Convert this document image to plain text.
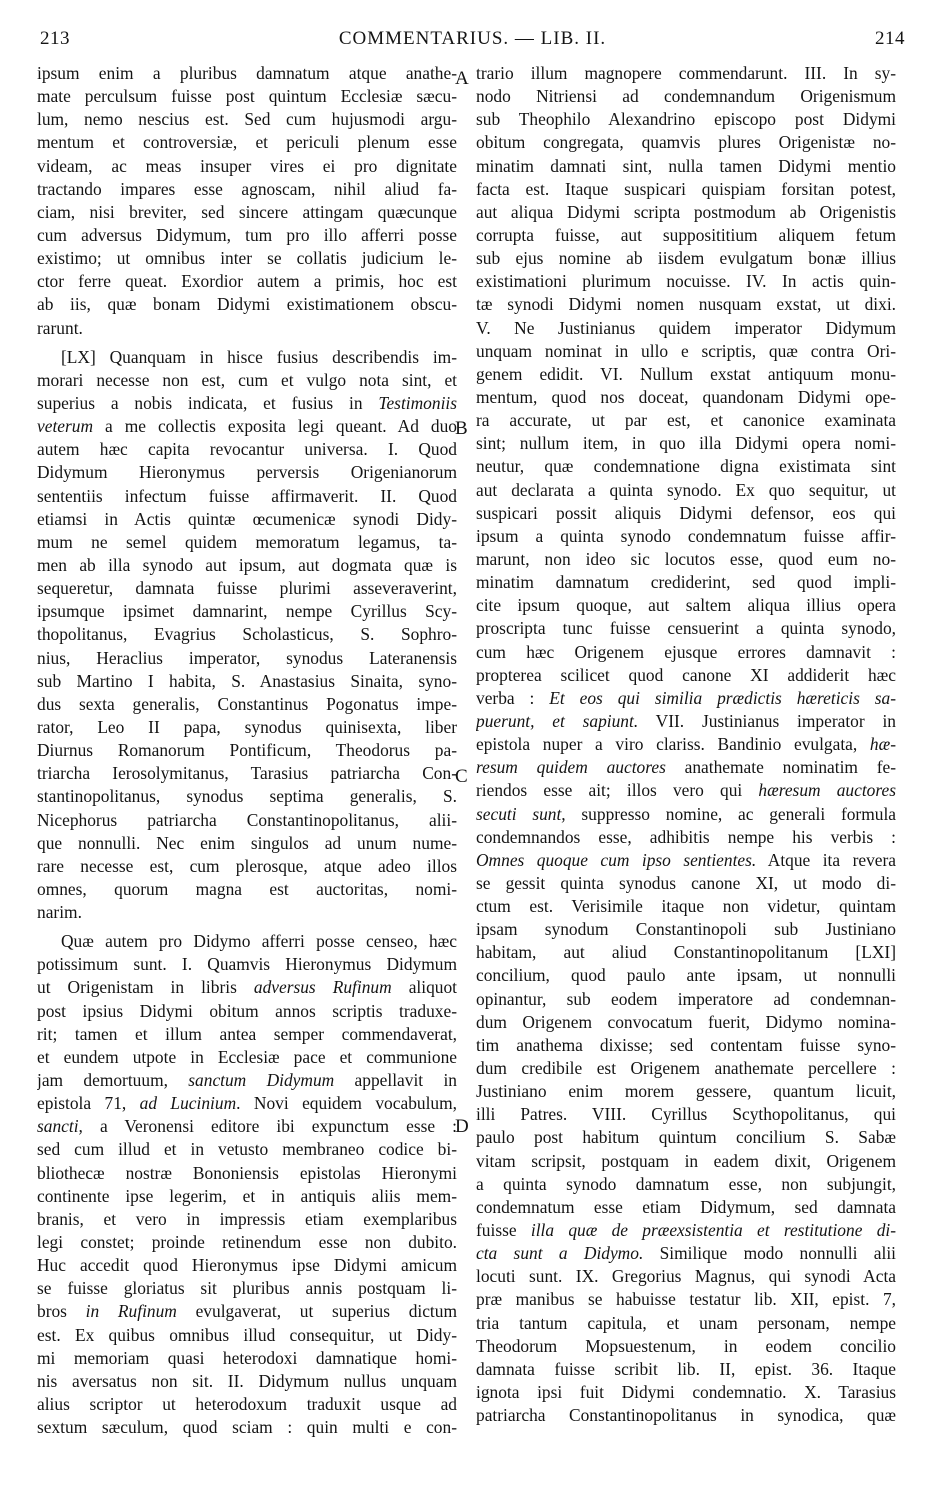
213	COMMENTARIUS. — LIB. II.	214
A
B
C
D
ipsum enim a pluribus damnatum atque anathe-
mate perculsum fuisse post quintum Ecclesiæ sæcu-
lum, nemo nescius est. Sed cum hujusmodi argu-
mentum et controversiæ, et periculi plenum esse
videam, ac meas insuper vires ei pro dignitate
tractando impares esse agnoscam, nihil aliud fa-
ciam, nisi breviter, sed sincere attingam quæcunque
cum adversus Didymum, tum pro illo afferri posse
existimo; ut omnibus inter se collatis judicium le-
ctor ferre queat. Exordior autem a primis, hoc est
ab iis, quæ bonam Didymi existimationem obscu-
rarunt.
[LX] Quanquam in hisce fusius describendis im-
morari necesse non est, cum et vulgo nota sint, et
superius a nobis indicata, et fusius in Testimoniis
veterum a me collectis exposita legi queant. Ad duo
autem hæc capita revocantur universa. I. Quod
Didymum Hieronymus perversis Origenianorum
sententiis infectum fuisse affirmaverit. II. Quod
etiamsi in Actis quintæ œcumenicæ synodi Didy-
mum ne semel quidem memoratum legamus, ta-
men ab illa synodo aut ipsum, aut dogmata quæ is
sequeretur, damnata fuisse plurimi asseveraverint,
ipsumque ipsimet damnarint, nempe Cyrillus Scy-
thopolitanus, Evagrius Scholasticus, S. Sophro-
nius, Heraclius imperator, synodus Lateranensis
sub Martino I habita, S. Anastasius Sinaita, syno-
dus sexta generalis, Constantinus Pogonatus impe-
rator, Leo II papa, synodus quinisexta, liber
Diurnus Romanorum Pontificum, Theodorus pa-
triarcha Ierosolymitanus, Tarasius patriarcha Con-
stantinopolitanus, synodus septima generalis, S.
Nicephorus patriarcha Constantinopolitanus, alii-
que nonnulli. Nec enim singulos ad unum nume-
rare necesse est, cum plerosque, atque adeo illos
omnes, quorum magna est auctoritas, nomi-
narim.
Quæ autem pro Didymo afferri posse censeo, hæc
potissimum sunt. I. Quamvis Hieronymus Didymum
ut Origenistam in libris adversus Rufinum aliquot
post ipsius Didymi obitum annos scriptis traduxe-
rit; tamen et illum antea semper commendaverat,
et eundem utpote in Ecclesiæ pace et communione
jam demortuum, sanctum Didymum appellavit in
epistola 71, ad Lucinium. Novi equidem vocabulum,
sancti, a Veronensi editore ibi expunctum esse :
sed cum illud et in vetusto membraneo codice bi-
bliothecæ nostræ Bononiensis epistolas Hieronymi
continente ipse legerim, et in antiquis aliis mem-
branis, et vero in impressis etiam exemplaribus
legi constet; proinde retinendum esse non dubito.
Huc accedit quod Hieronymus ipse Didymi amicum
se fuisse gloriatus sit pluribus annis postquam li-
bros in Rufinum evulgaverat, ut superius dictum
est. Ex quibus omnibus illud consequitur, ut Didy-
mi memoriam quasi heterodoxi damnatique homi-
nis aversatus non sit. II. Didymum nullus unquam
alius scriptor ut heterodoxum traduxit usque ad
sextum sæculum, quod sciam : quin multi e con-
trario illum magnopere commendarunt. III. In sy-
nodo Nitriensi ad condemnandum Origenismum
sub Theophilo Alexandrino episcopo post Didymi
obitum congregata, quamvis plures Origenistæ no-
minatim damnati sint, nulla tamen Didymi mentio
facta est. Itaque suspicari quispiam forsitan potest,
aut aliqua Didymi scripta postmodum ab Origenistis
corrupta fuisse, aut supposititium aliquem fetum
sub ejus nomine ab iisdem evulgatum bonæ illius
existimationi plurimum nocuisse. IV. In actis quin-
tæ synodi Didymi nomen nusquam exstat, ut dixi.
V. Ne Justinianus quidem imperator Didymum
unquam nominat in ullo e scriptis, quæ contra Ori-
genem edidit. VI. Nullum exstat antiquum monu-
mentum, quod nos doceat, quandonam Didymi ope-
ra accurate, ut par est, et canonice examinata
sint; nullum item, in quo illa Didymi opera nomi-
neutur, quæ condemnatione digna existimata sint
aut declarata a quinta synodo. Ex quo sequitur, ut
suspicari possit aliquis Didymi defensor, eos qui
ipsum a quinta synodo condemnatum fuisse affir-
marunt, non ideo sic locutos esse, quod eum no-
minatim damnatum crediderint, sed quod impli-
cite ipsum quoque, aut saltem aliqua illius opera
proscripta tunc fuisse censuerint a quinta synodo,
cum hæc Origenem ejusque errores damnavit :
propterea scilicet quod canone XI addiderit hæc
verba : Et eos qui similia prædictis hæreticis sa-
puerunt, et sapiunt. VII. Justinianus imperator in
epistola nuper a viro clariss. Bandinio evulgata, hæ-
resum quidem auctores anathemate nominatim fe-
riendos esse ait; illos vero qui hæresum auctores
secuti sunt, suppresso nomine, ac generali formula
condemnandos esse, adhibitis nempe his verbis :
Omnes quoque cum ipso sentientes. Atque ita revera
se gessit quinta synodus canone XI, ut modo di-
ctum est. Verisimile itaque non videtur, quintam
ipsam synodum Constantinopoli sub Justiniano
habitam, aut aliud Constantinopolitanum [LXI]
concilium, quod paulo ante ipsam, ut nonnulli
opinantur, sub eodem imperatore ad condemnan-
dum Origenem convocatum fuerit, Didymo nomina-
tim anathema dixisse; sed contentam fuisse syno-
dum credibile est Origenem anathemate percellere :
Justiniano enim morem gessere, quantum licuit,
illi Patres. VIII. Cyrillus Scythopolitanus, qui
paulo post habitum quintum concilium S. Sabæ
vitam scripsit, postquam in eadem dixit, Origenem
a quinta synodo damnatum esse, non subjungit,
condemnatum esse etiam Didymum, sed damnata
fuisse illa quæ de præexsistentia et restitutione di-
cta sunt a Didymo. Similique modo nonnulli alii
locuti sunt. IX. Gregorius Magnus, qui synodi Acta
præ manibus se habuisse testatur lib. XII, epist. 7,
tria tantum capitula, et unam personam, nempe
Theodorum Mopsuestenum, in eodem concilio
damnata fuisse scribit lib. II, epist. 36. Itaque
ignota ipsi fuit Didymi condemnatio. X. Tarasius
patriarcha Constantinopolitanus in synodica, quæ
